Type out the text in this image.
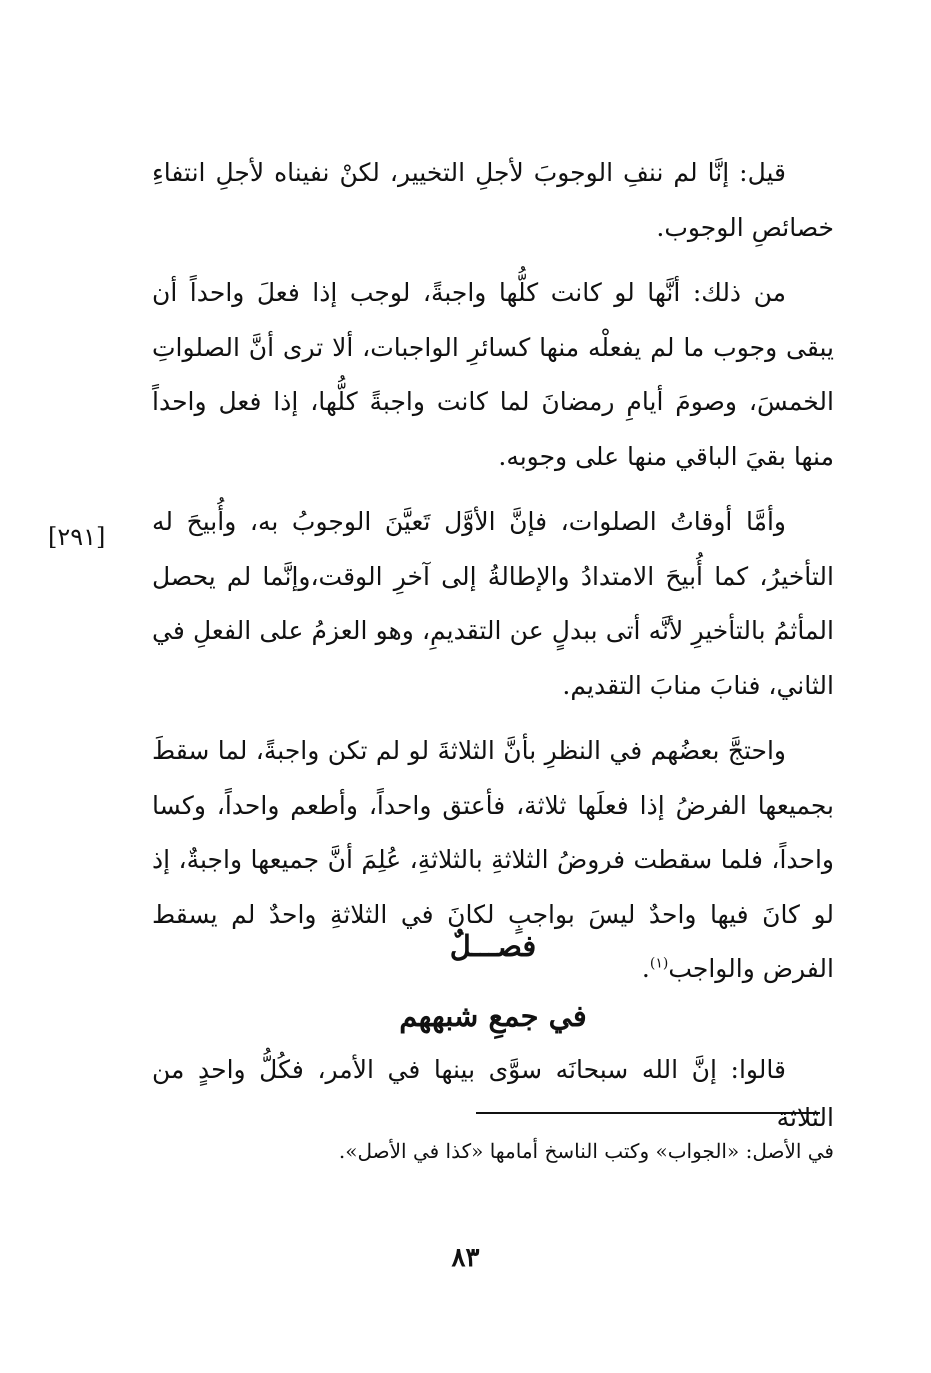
قيل: إنَّا لم ننفِ الوجوبَ لأجلِ التخيير، لكنْ نفيناه لأجلِ انتفاءِ خصائصِ الوجوب.

من ذلك: أنَّها لو كانت كلُّها واجبةً، لوجب إذا فعلَ واحداً أن يبقى وجوب ما لم يفعلْه منها كسائرِ الواجبات، ألا ترى أنَّ الصلواتِ الخمسَ، وصومَ أيامِ رمضانَ لما كانت واجبةً كلُّها، إذا فعل واحداً منها بقيَ الباقي منها على وجوبه.

وأمَّا أوقاتُ الصلوات، فإنَّ الأوَّل تَعيَّنَ الوجوبُ به، وأُبيحَ له التأخيرُ، كما أُبيحَ الامتدادُ والإطالةُ إلى آخرِ الوقت،وإنَّما لم يحصل المأثمُ بالتأخيرِ لأنَّه أتى ببدلٍ عن التقديمِ، وهو العزمُ على الفعلِ في الثاني، فنابَ منابَ التقديم.

واحتجَّ بعضُهم في النظرِ بأنَّ الثلاثةَ لو لم تكن واجبةً، لما سقطَ بجميعها الفرضُ إذا فعلَها ثلاثة، فأعتق واحداً، وأطعم واحداً، وكسا واحداً، فلما سقطت فروضُ الثلاثةِ بالثلاثةِ، عُلِمَ أنَّ جميعها واجبةٌ، إذ لو كانَ فيها واحدٌ ليسَ بواجبٍ لكانَ في الثلاثةِ واحدٌ لم يسقط الفرض والواجب$^{(١)}$.

[٢٩١]
فصـــلٌ
في جمعِ شبههم
قالوا: إنَّ الله سبحانَه سوَّى بينها في الأمر، فكُلُّ واحدٍ من الثلاثة
في الأصل: «الجواب» وكتب الناسخ أمامها «كذا في الأصل».
٨٣
